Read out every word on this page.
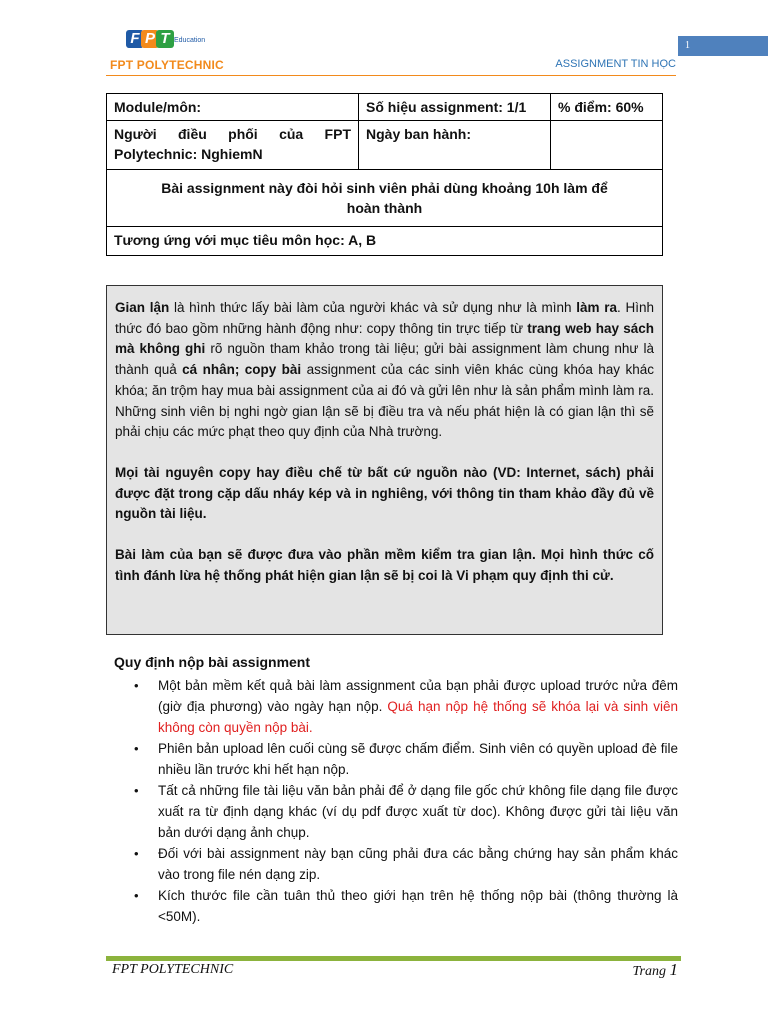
F P T Education
FPT POLYTECHNIC	ASSIGNMENT TIN HỌC
1
Module/môn:	Số hiệu assignment: 1/1	% điểm: 60%
Người điều phối của FPT Polytechnic: NghiemN	Ngày ban hành:	
Bài assignment này đòi hỏi sinh viên phải dùng khoảng 10h làm để hoàn thành		
Tương ứng với mục tiêu môn học: A, B		

Gian lận là hình thức lấy bài làm của người khác và sử dụng như là mình làm ra. Hình thức đó bao gồm những hành động như: copy thông tin trực tiếp từ trang web hay sách mà không ghi rõ nguồn tham khảo trong tài liệu; gửi bài assignment làm chung như là thành quả cá nhân; copy bài assignment của các sinh viên khác cùng khóa hay khác khóa; ăn trộm hay mua bài assignment của ai đó và gửi lên như là sản phẩm mình làm ra. Những sinh viên bị nghi ngờ gian lận sẽ bị điều tra và nếu phát hiện là có gian lận thì sẽ phải chịu các mức phạt theo quy định của Nhà trường.

Mọi tài nguyên copy hay điều chế từ bất cứ nguồn nào (VD: Internet, sách) phải được đặt trong cặp dấu nháy kép và in nghiêng, với thông tin tham khảo đầy đủ về nguồn tài liệu.

Bài làm của bạn sẽ được đưa vào phần mềm kiểm tra gian lận. Mọi hình thức cố tình đánh lừa hệ thống phát hiện gian lận sẽ bị coi là Vi phạm quy định thi cử.

Quy định nộp bài assignment
• Một bản mềm kết quả bài làm assignment của bạn phải được upload trước nửa đêm (giờ địa phương) vào ngày hạn nộp. Quá hạn nộp hệ thống sẽ khóa lại và sinh viên không còn quyền nộp bài.
• Phiên bản upload lên cuối cùng sẽ được chấm điểm. Sinh viên có quyền upload đè file nhiều lần trước khi hết hạn nộp.
• Tất cả những file tài liệu văn bản phải để ở dạng file gốc chứ không file dạng file được xuất ra từ định dạng khác (ví dụ pdf được xuất từ doc). Không được gửi tài liệu văn bản dưới dạng ảnh chụp.
• Đối với bài assignment này bạn cũng phải đưa các bằng chứng hay sản phẩm khác vào trong file nén dạng zip.
• Kích thước file cần tuân thủ theo giới hạn trên hệ thống nộp bài (thông thường là <50M).
FPT POLYTECHNIC	Trang 1
